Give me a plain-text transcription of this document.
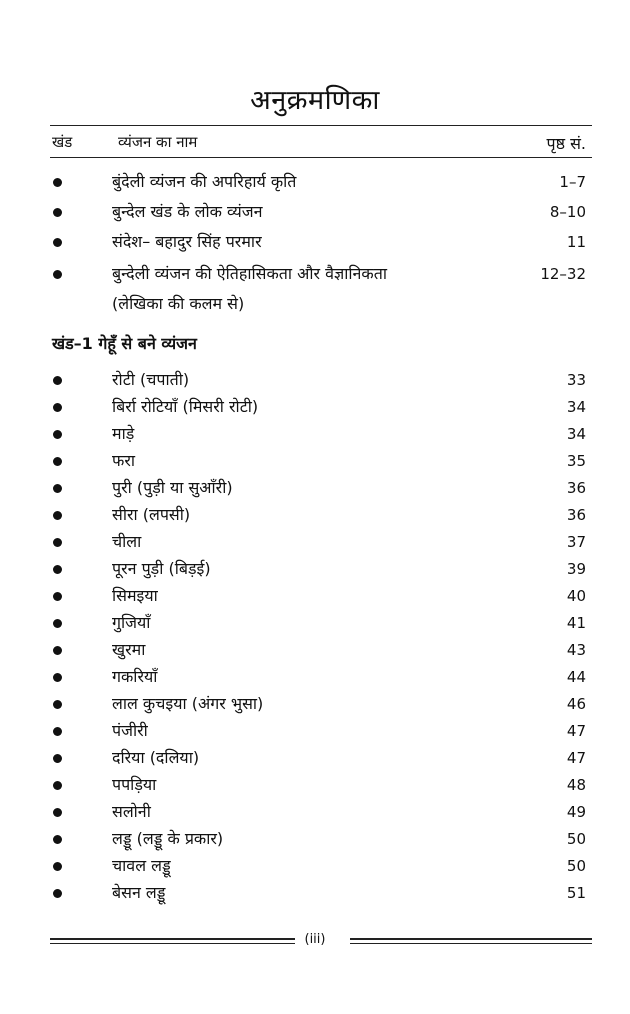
अनुक्रमणिका
खंड	व्यंजन का नाम	पृष्ठ सं.
बुंदेली व्यंजन की अपरिहार्य कृति	1–7
बुन्देल खंड के लोक व्यंजन	8–10
संदेश– बहादुर सिंह परमार	11
बुन्देली व्यंजन की ऐतिहासिकता और वैज्ञानिकता	12–32
(लेखिका की कलम से)
खंड–1 गेहूँ से बने व्यंजन
रोटी (चपाती)	33
बिर्रा रोटियाँ (मिसरी रोटी)	34
माड़े	34
फरा	35
पुरी (पुड़ी या सुआँरी)	36
सीरा (लपसी)	36
चीला	37
पूरन पुड़ी (बिड़ई)	39
सिमइया	40
गुजियाँ	41
खुरमा	43
गकरियाँ	44
लाल कुचइया (अंगर भुसा)	46
पंजीरी	47
दरिया (दलिया)	47
पपड़िया	48
सलोनी	49
लड्डू (लड्डू के प्रकार)	50
चावल लड्डू	50
बेसन लड्डू	51
(iii)
